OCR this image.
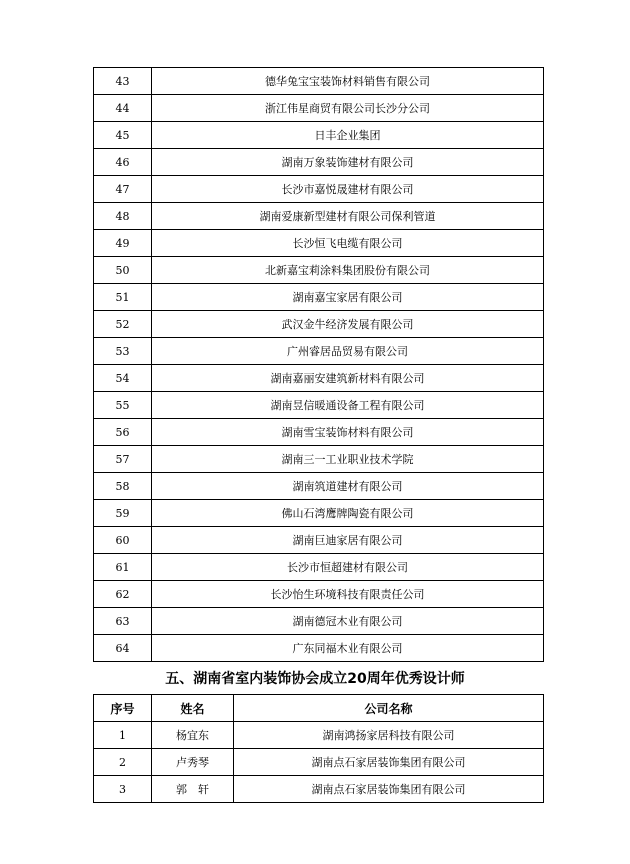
43	德华兔宝宝装饰材料销售有限公司
44	浙江伟星商贸有限公司长沙分公司
45	日丰企业集团
46	湖南万象装饰建材有限公司
47	长沙市嘉悦晟建材有限公司
48	湖南爱康新型建材有限公司保利管道
49	长沙恒飞电缆有限公司
50	北新嘉宝莉涂料集团股份有限公司
51	湖南嘉宝家居有限公司
52	武汉金牛经济发展有限公司
53	广州睿居品贸易有限公司
54	湖南嘉丽安建筑新材料有限公司
55	湖南昱信暖通设备工程有限公司
56	湖南雪宝装饰材料有限公司
57	湖南三一工业职业技术学院
58	湖南筑道建材有限公司
59	佛山石湾鹰牌陶瓷有限公司
60	湖南巨迪家居有限公司
61	长沙市恒超建材有限公司
62	长沙怡生环境科技有限责任公司
63	湖南德冠木业有限公司
64	广东同福木业有限公司
五、湖南省室内装饰协会成立20周年优秀设计师
序号	姓名	公司名称
1	杨宜东	湖南鸿扬家居科技有限公司
2	卢秀琴	湖南点石家居装饰集团有限公司
3	郭　轩	湖南点石家居装饰集团有限公司
